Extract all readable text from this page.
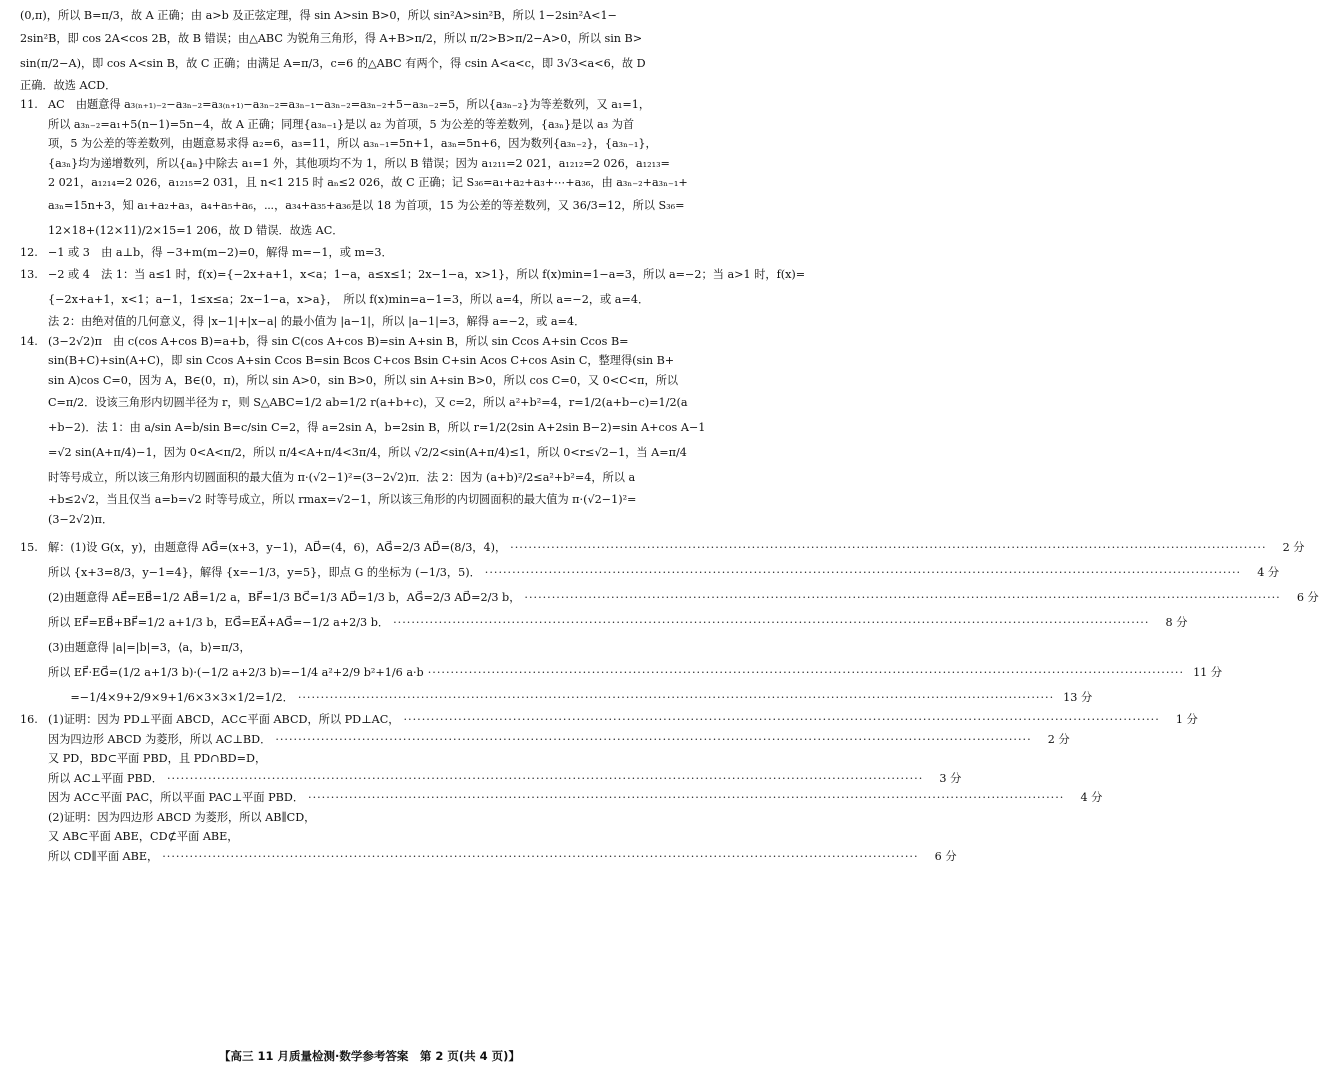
(0,π)，所以 B=π/3，故 A 正确；由 a>b 及正弦定理，得 sin A>sin B>0，所以 sin²A>sin²B，所以 1−2sin²A<1−
2sin²B，即 cos 2A<cos 2B，故 B 错误；由△ABC 为锐角三角形，得 A+B>π/2，所以 π/2>B>π/2−A>0，所以 sin B>
sin(π/2−A)，即 cos A<sin B，故 C 正确；由满足 A=π/3，c=6 的△ABC 有两个，得 csin A<a<c，即 3√3<a<6，故 D
正确．故选 ACD．
11. AC　由题意得 a₃₍ₙ₊₁₎₋₂−a₃ₙ₋₂=a₃₍ₙ₊₁₎−a₃ₙ₋₂=a₃ₙ₋₁−a₃ₙ₋₂=a₃ₙ₋₂+5−a₃ₙ₋₂=5，所以{a₃ₙ₋₂}为等差数列，又 a₁=1，
所以 a₃ₙ₋₂=a₁+5(n−1)=5n−4，故 A 正确；同理{a₃ₙ₋₁}是以 a₂ 为首项，5 为公差的等差数列，{a₃ₙ}是以 a₃ 为首
项，5 为公差的等差数列，由题意易求得 a₂=6，a₃=11，所以 a₃ₙ₋₁=5n+1，a₃ₙ=5n+6，因为数列{a₃ₙ₋₂}，{a₃ₙ₋₁}，
{a₃ₙ}均为递增数列，所以{aₙ}中除去 a₁=1 外，其他项均不为 1，所以 B 错误；因为 a₁₂₁₁=2 021，a₁₂₁₂=2 026，a₁₂₁₃=
2 021，a₁₂₁₄=2 026，a₁₂₁₅=2 031，且 n<1 215 时 aₙ≤2 026，故 C 正确；记 S₃₆=a₁+a₂+a₃+⋯+a₃₆，由 a₃ₙ₋₂+a₃ₙ₋₁+
a₃ₙ=15n+3，知 a₁+a₂+a₃，a₄+a₅+a₆，⋯，a₃₄+a₃₅+a₃₆是以 18 为首项，15 为公差的等差数列，又 36/3=12，所以 S₃₆=
12×18+(12×11)/2×15=1 206，故 D 错误．故选 AC．
12. −1 或 3　由 a⊥b，得 −3+m(m−2)=0，解得 m=−1，或 m=3．
13. −2 或 4　法 1：当 a≤1 时，f(x)={−2x+a+1，x<a；1−a，a≤x≤1；2x−1−a，x>1}，所以 f(x)min=1−a=3，所以 a=−2；当 a>1 时，f(x)=
{−2x+a+1，x<1；a−1，1≤x≤a；2x−1−a，x>a}，　所以 f(x)min=a−1=3，所以 a=4，所以 a=−2，或 a=4．
法 2：由绝对值的几何意义，得 |x−1|+|x−a| 的最小值为 |a−1|，所以 |a−1|=3，解得 a=−2，或 a=4．
14. (3−2√2)π　由 c(cos A+cos B)=a+b，得 sin C(cos A+cos B)=sin A+sin B，所以 sin Ccos A+sin Ccos B=
sin(B+C)+sin(A+C)，即 sin Ccos A+sin Ccos B=sin Bcos C+cos Bsin C+sin Acos C+cos Asin C，整理得(sin B+
sin A)cos C=0，因为 A，B∈(0，π)，所以 sin A>0，sin B>0，所以 sin A+sin B>0，所以 cos C=0，又 0<C<π，所以
C=π/2．设该三角形内切圆半径为 r，则 S△ABC=1/2 ab=1/2 r(a+b+c)，又 c=2，所以 a²+b²=4，r=1/2(a+b−c)=1/2(a
+b−2)．法 1：由 a/sin A=b/sin B=c/sin C=2，得 a=2sin A，b=2sin B，所以 r=1/2(2sin A+2sin B−2)=sin A+cos A−1
=√2 sin(A+π/4)−1，因为 0<A<π/2，所以 π/4<A+π/4<3π/4，所以 √2/2<sin(A+π/4)≤1，所以 0<r≤√2−1，当 A=π/4
时等号成立，所以该三角形内切圆面积的最大值为 π·(√2−1)²=(3−2√2)π．法 2：因为 (a+b)²/2≤a²+b²=4，所以 a
+b≤2√2，当且仅当 a=b=√2 时等号成立，所以 rmax=√2−1，所以该三角形的内切圆面积的最大值为 π·(√2−1)²=
(3−2√2)π．
15. 解：(1)设 G(x，y)，由题意得 AG⃗=(x+3，y−1)，AD⃗=(4，6)，AG⃗=2/3 AD⃗=(8/3，4)， ·····	2 分
所以 {x+3=8/3，y−1=4}，解得 {x=−1/3，y=5}，即点 G 的坐标为 (−1/3，5)． ·····	4 分
(2)由题意得 AE⃗=EB⃗=1/2 AB⃗=1/2 a，BF⃗=1/3 BC⃗=1/3 AD⃗=1/3 b，AG⃗=2/3 AD⃗=2/3 b， ·····	6 分
所以 EF⃗=EB⃗+BF⃗=1/2 a+1/3 b，EG⃗=EA⃗+AG⃗=−1/2 a+2/3 b． ·····	8 分
(3)由题意得 |a|=|b|=3，⟨a，b⟩=π/3，
所以 EF⃗·EG⃗=(1/2 a+1/3 b)·(−1/2 a+2/3 b)=−1/4 a²+2/9 b²+1/6 a·b ·····	11 分
　　=−1/4×9+2/9×9+1/6×3×3×1/2=1/2． ·····	13 分
16. (1)证明：因为 PD⊥平面 ABCD，AC⊂平面 ABCD，所以 PD⊥AC， ·····	1 分
因为四边形 ABCD 为菱形，所以 AC⊥BD． ·····	2 分
又 PD，BD⊂平面 PBD，且 PD∩BD=D，
所以 AC⊥平面 PBD． ·····	3 分
因为 AC⊂平面 PAC，所以平面 PAC⊥平面 PBD． ·····	4 分
(2)证明：因为四边形 ABCD 为菱形，所以 AB∥CD，
又 AB⊂平面 ABE，CD⊄平面 ABE，
所以 CD∥平面 ABE， ·····	6 分
【高三 11 月质量检测·数学参考答案　第 2 页(共 4 页)】
